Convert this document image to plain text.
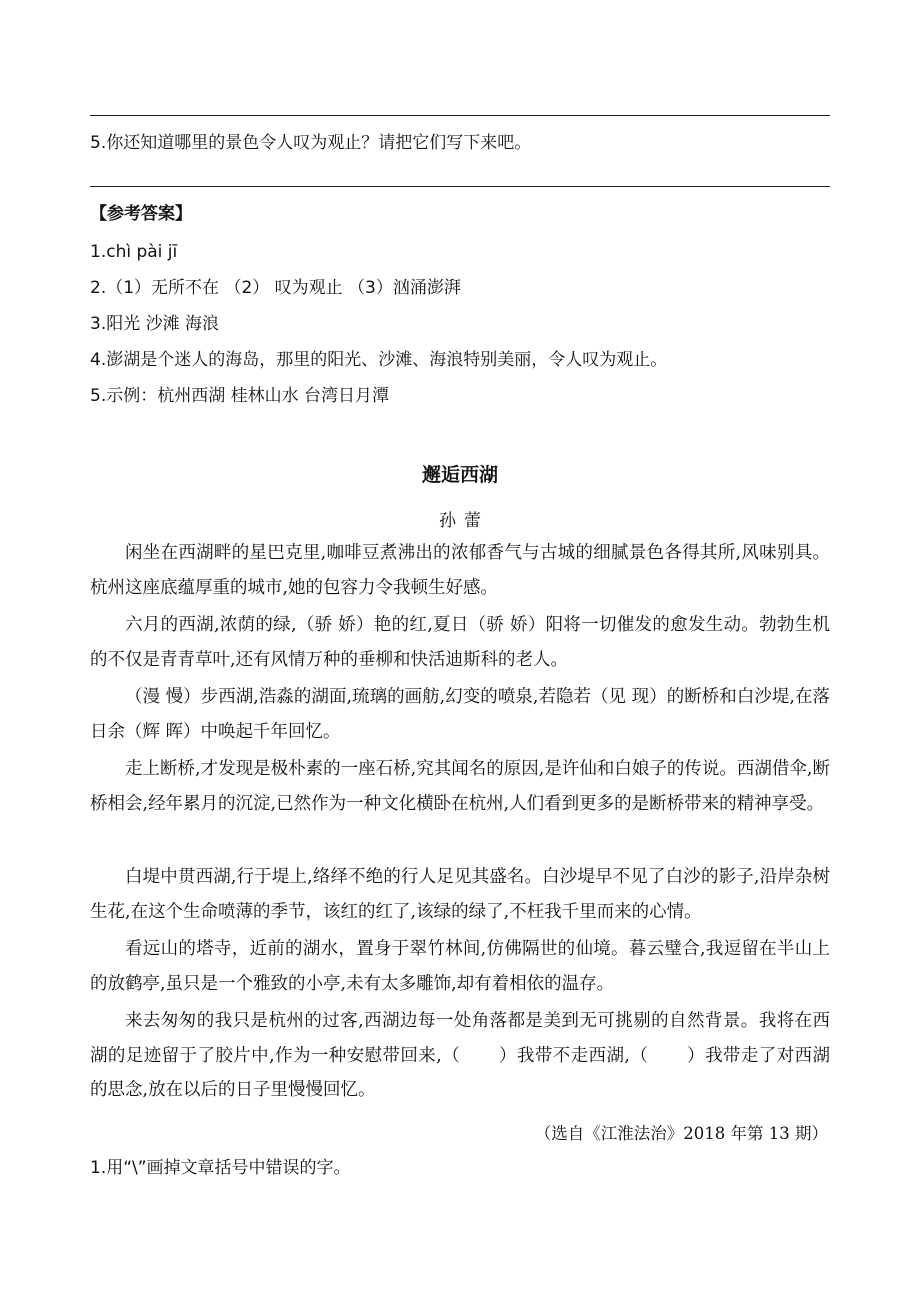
5.你还知道哪里的景色令人叹为观止？请把它们写下来吧。
【参考答案】
1.chì pài jī
2.（1）无所不在 （2） 叹为观止 （3）汹涌澎湃
3.阳光 沙滩 海浪
4.澎湖是个迷人的海岛，那里的阳光、沙滩、海浪特别美丽，令人叹为观止。
5.示例：杭州西湖 桂林山水 台湾日月潭
邂逅西湖
孙蕾
闲坐在西湖畔的星巴克里,咖啡豆煮沸出的浓郁香气与古城的细腻景色各得其所,风味别具。杭州这座底蕴厚重的城市,她的包容力令我顿生好感。
六月的西湖,浓荫的绿,（骄 娇）艳的红,夏日（骄 娇）阳将一切催发的愈发生动。勃勃生机的不仅是青青草叶,还有风情万种的垂柳和快活迪斯科的老人。
（漫 慢）步西湖,浩淼的湖面,琉璃的画舫,幻变的喷泉,若隐若（见 现）的断桥和白沙堤,在落日余（辉 晖）中唤起千年回忆。
走上断桥,才发现是极朴素的一座石桥,究其闻名的原因,是许仙和白娘子的传说。西湖借伞,断桥相会,经年累月的沉淀,已然作为一种文化横卧在杭州,人们看到更多的是断桥带来的精神享受。
白堤中贯西湖,行于堤上,络绎不绝的行人足见其盛名。白沙堤早不见了白沙的影子,沿岸杂树生花,在这个生命喷薄的季节，该红的红了,该绿的绿了,不枉我千里而来的心情。
看远山的塔寺，近前的湖水，置身于翠竹林间,仿佛隔世的仙境。暮云璧合,我逗留在半山上的放鹤亭,虽只是一个雅致的小亭,未有太多雕饰,却有着相依的温存。
来去匆匆的我只是杭州的过客,西湖边每一处角落都是美到无可挑剔的自然背景。我将在西湖的足迹留于了胶片中,作为一种安慰带回来,（ ）我带不走西湖,（ ）我带走了对西湖的思念,放在以后的日子里慢慢回忆。
（选自《江淮法治》2018 年第 13 期）
1.用“\”画掉文章括号中错误的字。
